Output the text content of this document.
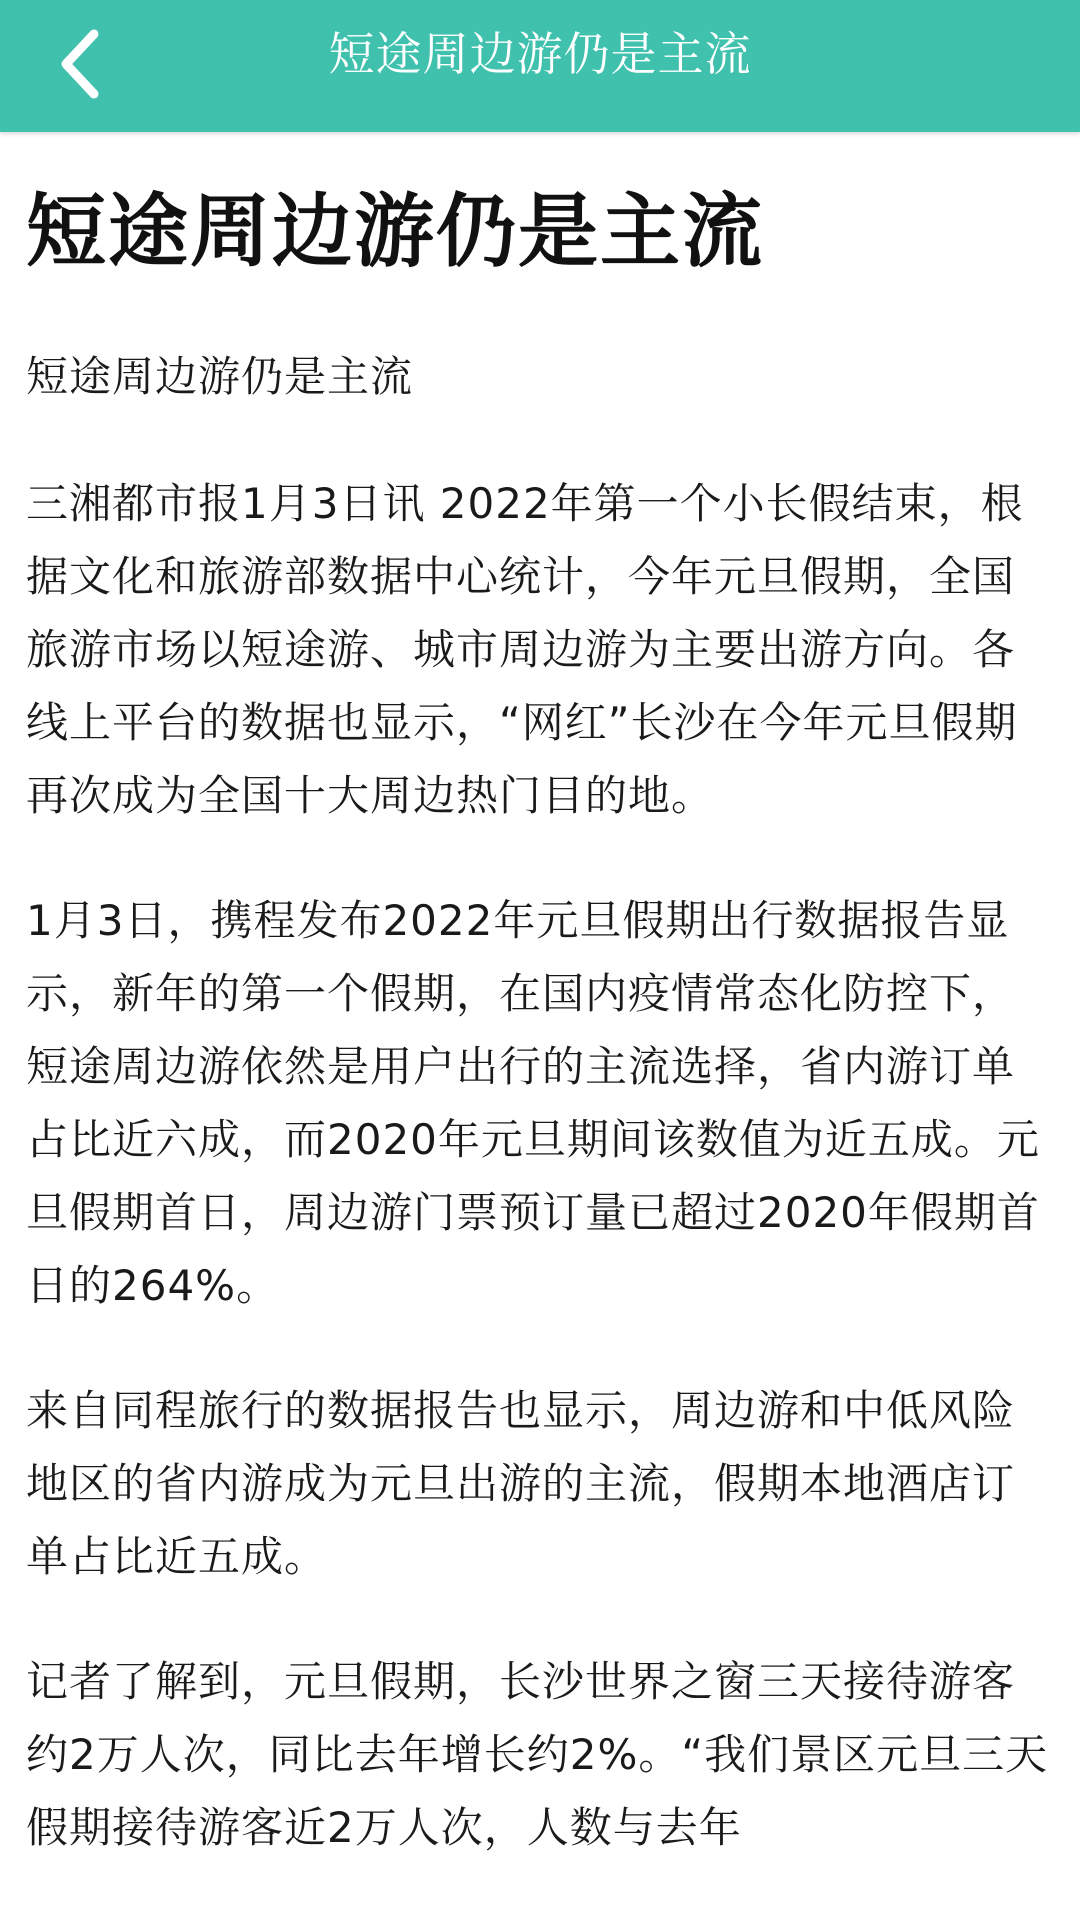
短途周边游仍是主流
短途周边游仍是主流

短途周边游仍是主流

三湘都市报1月3日讯 2022年第一个小长假结束，根据文化和旅游部数据中心统计，今年元旦假期，全国旅游市场以短途游、城市周边游为主要出游方向。各线上平台的数据也显示，“网红”长沙在今年元旦假期再次成为全国十大周边热门目的地。

1月3日，携程发布2022年元旦假期出行数据报告显示，新年的第一个假期，在国内疫情常态化防控下，短途周边游依然是用户出行的主流选择，省内游订单占比近六成，而2020年元旦期间该数值为近五成。元旦假期首日，周边游门票预订量已超过2020年假期首日的264%。

来自同程旅行的数据报告也显示，周边游和中低风险地区的省内游成为元旦出游的主流，假期本地酒店订单占比近五成。

记者了解到，元旦假期，长沙世界之窗三天接待游客约2万人次，同比去年增长约2%。“我们景区元旦三天假期接待游客近2万人次，人数与去年
